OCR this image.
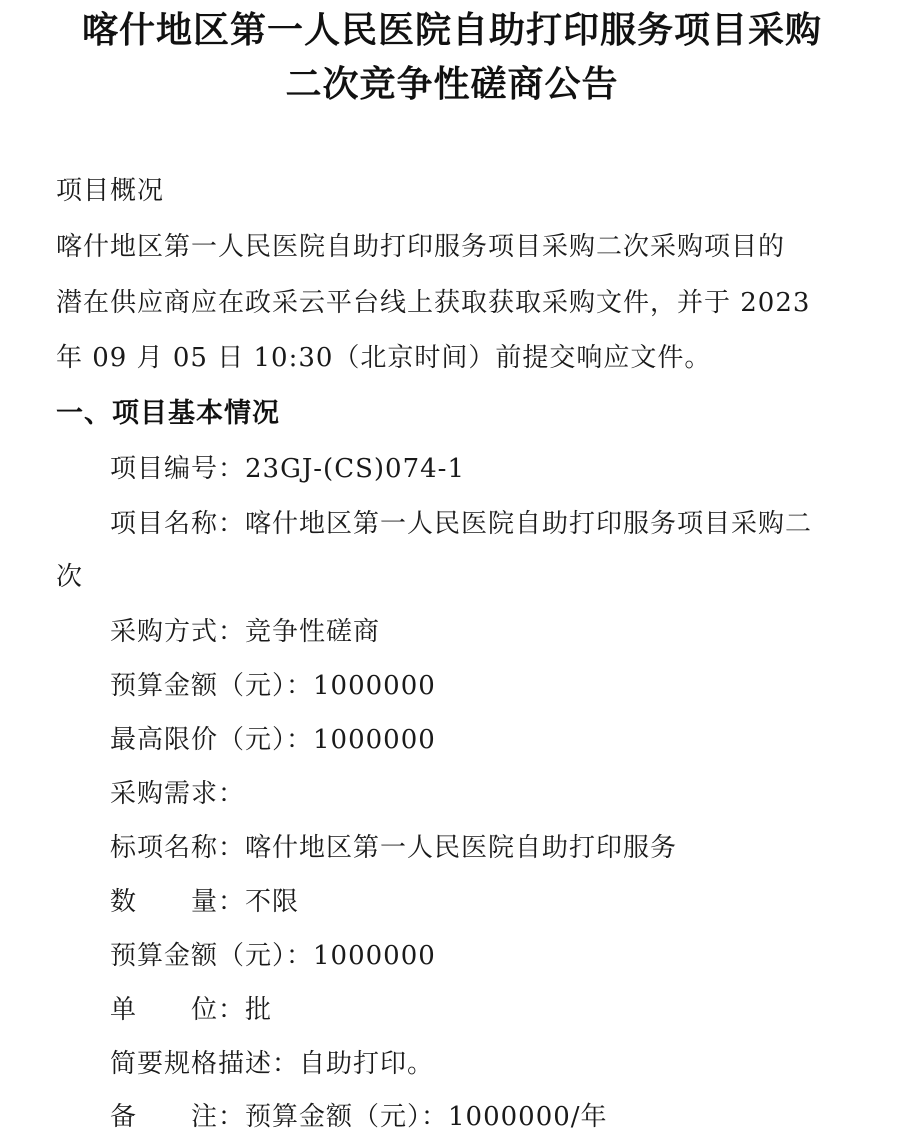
喀什地区第一人民医院自助打印服务项目采购
二次竞争性磋商公告
项目概况
喀什地区第一人民医院自助打印服务项目采购二次采购项目的
潜在供应商应在政采云平台线上获取获取采购文件，并于 2023
年 09 月 05 日 10:30（北京时间）前提交响应文件。
一、项目基本情况
项目编号：23GJ-(CS)074-1
项目名称：喀什地区第一人民医院自助打印服务项目采购二
次
采购方式：竞争性磋商
预算金额（元）：1000000
最高限价（元）：1000000
采购需求：
标项名称：喀什地区第一人民医院自助打印服务
数　　量：不限
预算金额（元）：1000000
单　　位：批
简要规格描述：自助打印。
备　　注：预算金额（元）：1000000/年
